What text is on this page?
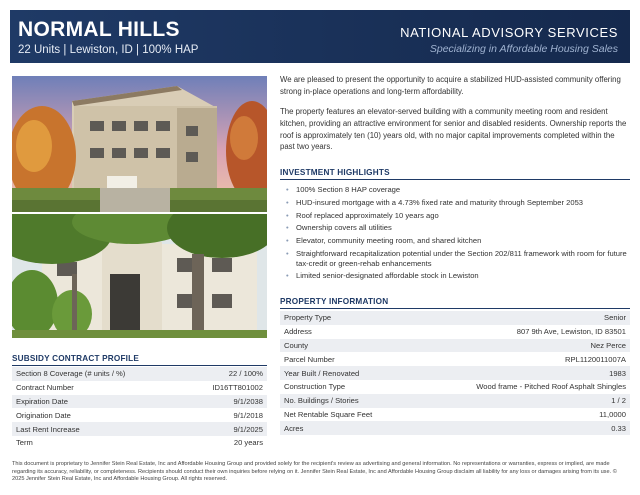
NORMAL HILLS
22 Units | Lewiston, ID | 100% HAP
NATIONAL ADVISORY SERVICES
Specializing in Affordable Housing Sales
SUBSIDY CONTRACT PROFILE
Section 8 Coverage (# units / %)	22 / 100%
Contract Number	ID16TT801002
Expiration Date	9/1/2038
Origination Date	9/1/2018
Last Rent Increase	9/1/2025
Term	20 years
We are pleased to present the opportunity to acquire a stabilized HUD-assisted community offering strong in-place operations and long-term affordability.
The property features an elevator-served building with a community meeting room and resident kitchen, providing an attractive environment for senior and disabled residents. Ownership reports the roof is approximately ten (10) years old, with no major capital improvements completed within the past two years.
INVESTMENT HIGHLIGHTS
• 100% Section 8 HAP coverage
• HUD-insured mortgage with a 4.73% fixed rate and maturity through September 2053
• Roof replaced approximately 10 years ago
• Ownership covers all utilities
• Elevator, community meeting room, and shared kitchen
• Straightforward recapitalization potential under the Section 202/811 framework with room for future tax-credit or green-rehab enhancements
• Limited senior-designated affordable stock in Lewiston
PROPERTY INFORMATION
Property Type	Senior
Address	807 9th Ave, Lewiston, ID 83501
County	Nez Perce
Parcel Number	RPL1120011007A
Year Built / Renovated	1983
Construction Type	Wood frame - Pitched Roof Asphalt Shingles
No. Buildings / Stories	1 / 2
Net Rentable Square Feet	11,0000
Acres	0.33
This document is proprietary to Jennifer Stein Real Estate, Inc and Affordable Housing Group and provided solely for the recipient's review as advertising and general information. No representations or warranties, express or implied, are made regarding its accuracy, reliability, or completeness. Recipients should conduct their own inquiries before relying on it. Jennifer Stein Real Estate, Inc and Affordable Housing Group disclaim all liability for any loss or damages arising from its use. © 2025 Jennifer Stein Real Estate, Inc and Affordable Housing Group. All rights reserved.
